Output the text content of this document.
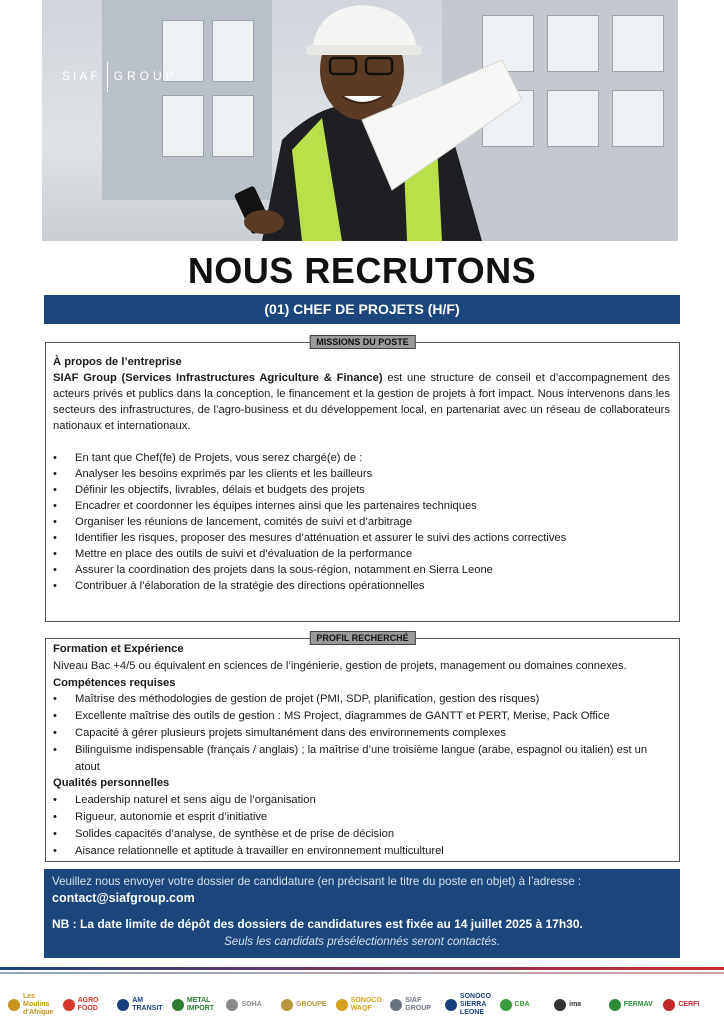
SIAF GROUP
NOUS RECRUTONS
(01) CHEF DE PROJETS (H/F)
MISSIONS DU POSTE
À propos de l’entreprise
SIAF Group (Services Infrastructures Agriculture & Finance) est une structure de conseil et d’accompagnement des acteurs privés et publics dans la conception, le financement et la gestion de projets à fort impact. Nous intervenons dans les secteurs des infrastructures, de l’agro-business et du développement local, en partenariat avec un réseau de collaborateurs nationaux et internationaux.
• En tant que Chef(fe) de Projets, vous serez chargé(e) de :
• Analyser les besoins exprimés par les clients et les bailleurs
• Définir les objectifs, livrables, délais et budgets des projets
• Encadrer et coordonner les équipes internes ainsi que les partenaires techniques
• Organiser les réunions de lancement, comités de suivi et d’arbitrage
• Identifier les risques, proposer des mesures d’atténuation et assurer le suivi des actions correctives
• Mettre en place des outils de suivi et d’évaluation de la performance
• Assurer la coordination des projets dans la sous-région, notamment en Sierra Leone
• Contribuer à l’élaboration de la stratégie des directions opérationnelles
PROFIL RECHERCHÉ
Formation et Expérience
Niveau Bac +4/5 ou équivalent en sciences de l’ingénierie, gestion de projets, management ou domaines connexes.
Compétences requises
• Maîtrise des méthodologies de gestion de projet (PMI, SDP, planification, gestion des risques)
• Excellente maîtrise des outils de gestion : MS Project, diagrammes de GANTT et PERT, Merise, Pack Office
• Capacité à gérer plusieurs projets simultanément dans des environnements complexes
• Bilinguisme indispensable (français / anglais) ; la maîtrise d’une troisième langue (arabe, espagnol ou italien) est un atout
Qualités personnelles
• Leadership naturel et sens aigu de l’organisation
• Rigueur, autonomie et esprit d’initiative
• Solides capacités d’analyse, de synthèse et de prise de décision
• Aisance relationnelle et aptitude à travailler en environnement multiculturel
Veuillez nous envoyer votre dossier de candidature (en précisant le titre du poste en objet) à l’adresse :
contact@siafgroup.com
NB : La date limite de dépôt des dossiers de candidatures est fixée au 14 juillet 2025 à 17h30.
Seuls les candidats présélectionnés seront contactés.
Les Moulins d'Afrique
AGRO FOOD
AM TRANSIT
METAL IMPORT
SOHA	GROUPE
SONOCO WAQF
SIAF GROUP
SONOCO SIERRA LEONE
CBA	ima	FERMAV	CERFI
